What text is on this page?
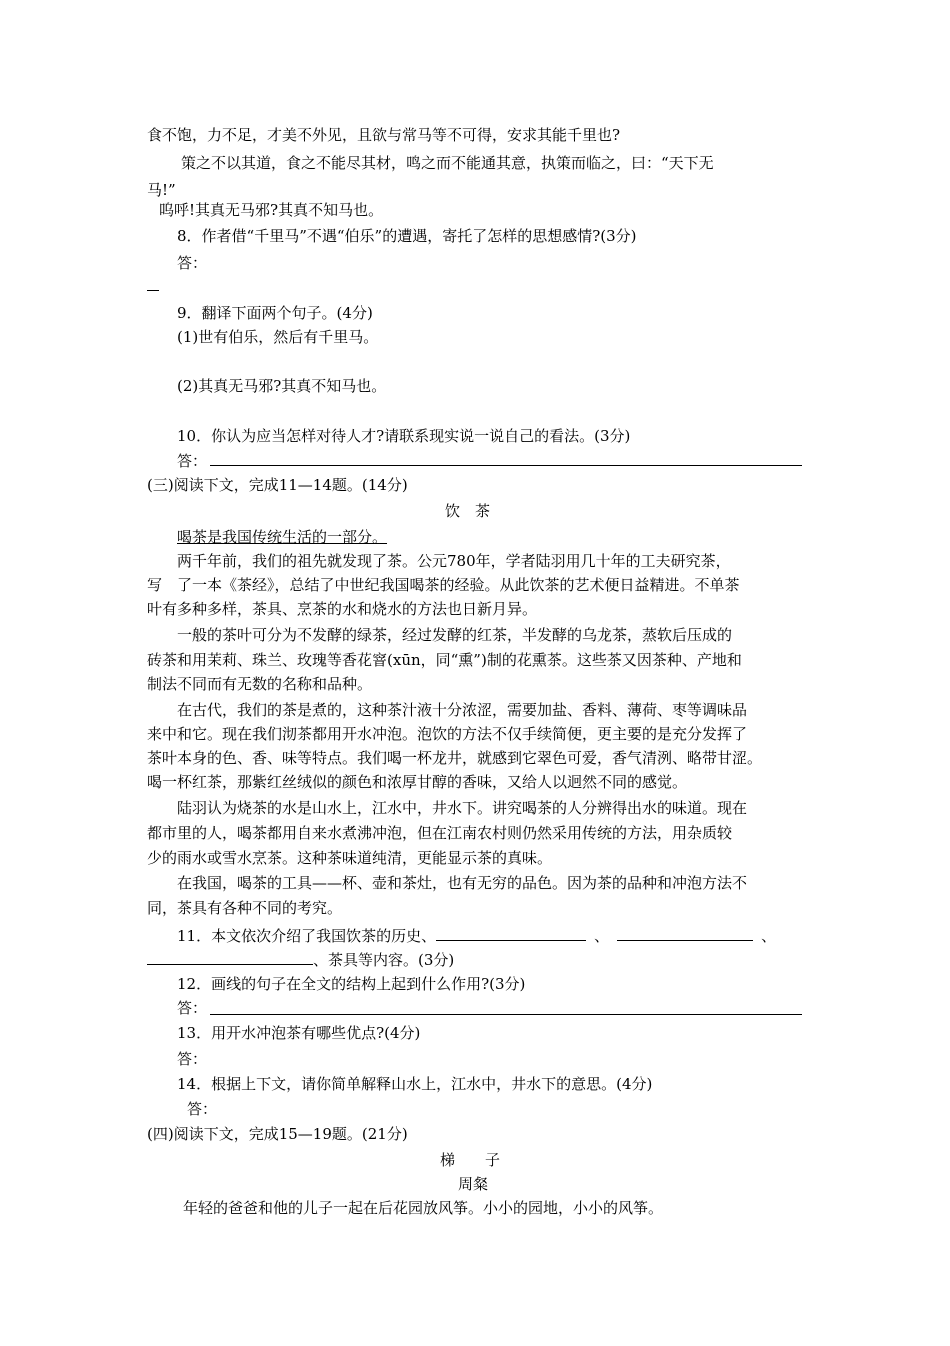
食不饱，力不足，才美不外见，且欲与常马等不可得，安求其能千里也?
策之不以其道，食之不能尽其材，鸣之而不能通其意，执策而临之，曰：“天下无
马!”
呜呼!其真无马邪?其真不知马也。
8．作者借“千里马”不遇“伯乐”的遭遇，寄托了怎样的思想感情?(3分)
答：
9．翻译下面两个句子。(4分)
(1)世有伯乐，然后有千里马。
(2)其真无马邪?其真不知马也。
10．你认为应当怎样对待人才?请联系现实说一说自己的看法。(3分)
答：
(三)阅读下文，完成11—14题。(14分)
饮　茶
喝茶是我国传统生活的一部分。
两千年前，我们的祖先就发现了茶。公元780年，学者陆羽用几十年的工夫研究茶，
写　了一本《茶经》，总结了中世纪我国喝茶的经验。从此饮茶的艺术便日益精进。不单茶
叶有多种多样，茶具、烹茶的水和烧水的方法也日新月异。
一般的茶叶可分为不发酵的绿茶，经过发酵的红茶，半发酵的乌龙茶，蒸软后压成的
砖茶和用茉莉、珠兰、玫瑰等香花窨(xūn，同“熏”)制的花熏茶。这些茶又因茶种、产地和
制法不同而有无数的名称和品种。
在古代，我们的茶是煮的，这种茶汁液十分浓涩，需要加盐、香料、薄荷、枣等调味品
来中和它。现在我们沏茶都用开水冲泡。泡饮的方法不仅手续简便，更主要的是充分发挥了
茶叶本身的色、香、味等特点。我们喝一杯龙井，就感到它翠色可爱，香气清洌、略带甘涩。
喝一杯红茶，那紫红丝绒似的颜色和浓厚甘醇的香味，又给人以迥然不同的感觉。
陆羽认为烧茶的水是山水上，江水中，井水下。讲究喝茶的人分辨得出水的味道。现在
都市里的人，喝茶都用自来水煮沸冲泡，但在江南农村则仍然采用传统的方法，用杂质较
少的雨水或雪水烹茶。这种茶味道纯清，更能显示茶的真味。
在我国，喝茶的工具——杯、壶和茶灶，也有无穷的品色。因为茶的品种和冲泡方法不
同，茶具有各种不同的考究。
11．本文依次介绍了我国饮茶的历史、	、	、
、茶具等内容。(3分)
12．画线的句子在全文的结构上起到什么作用?(3分)
答：
13．用开水冲泡茶有哪些优点?(4分)
答：
14．根据上下文，请你简单解释山水上，江水中，井水下的意思。(4分)
答：
(四)阅读下文，完成15—19题。(21分)
梯　　子
周粲
年轻的爸爸和他的儿子一起在后花园放风筝。小小的园地，小小的风筝。
